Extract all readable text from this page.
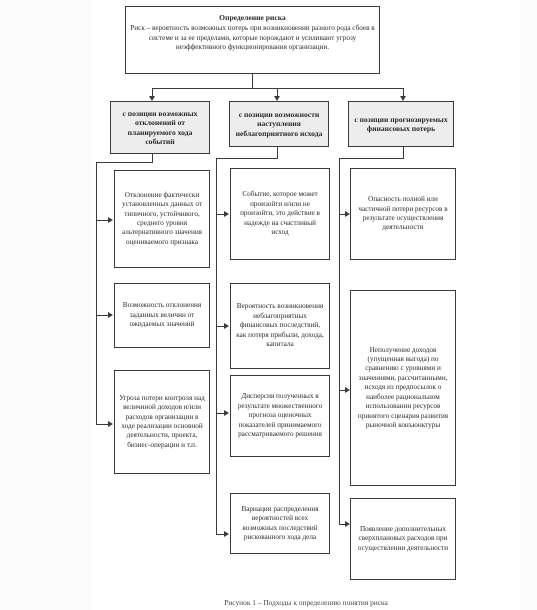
Определение риска
Риск – вероятность возможных потерь при возникновении разного рода сбоев в системе и за ее пределами, которые порождают и усиливают угрозу неэффективного функционирования организации.
с позиции возможных отклонений от планируемого хода событий
с позиции возможности наступления неблагоприятного исхода
с позиции прогнозируемых финансовых потерь
Отклонение фактически установленных данных от типичного, устойчивого, среднего уровня альтернативного значения оцениваемого признака
Возможность отклонения заданных величин от ожидаемых значений
Угроза потери контроля над величиной доходов и/или расходов организации в ходе реализации основной деятельности, проекта, бизнес-операции и т.п.
Событие, которое может произойти и/или не произойти, это действие в надежде на счастливый исход
Вероятность возникновения неблагоприятных финансовых последствий, как потеря прибыли, дохода, капитала
Дисперсия полученных в результате множественного прогноза оценочных показателей принимаемого рассматриваемого решения
Вариации распределения вероятностей всех возможных последствий рискованного хода дела
Опасность полной или частичной потери ресурсов в результате осуществления деятельности
Неполучение доходов (упущенная выгода) по сравнению с уровнями и значениями, рассчитанными, исходя из предпосылок о наиболее рациональном использовании ресурсов принятого сценария развития рыночной конъюнктуры
Появление дополнительных сверхплановых расходов при осуществлении деятельности
Рисунок 1 – Подходы к определению понятия риска
